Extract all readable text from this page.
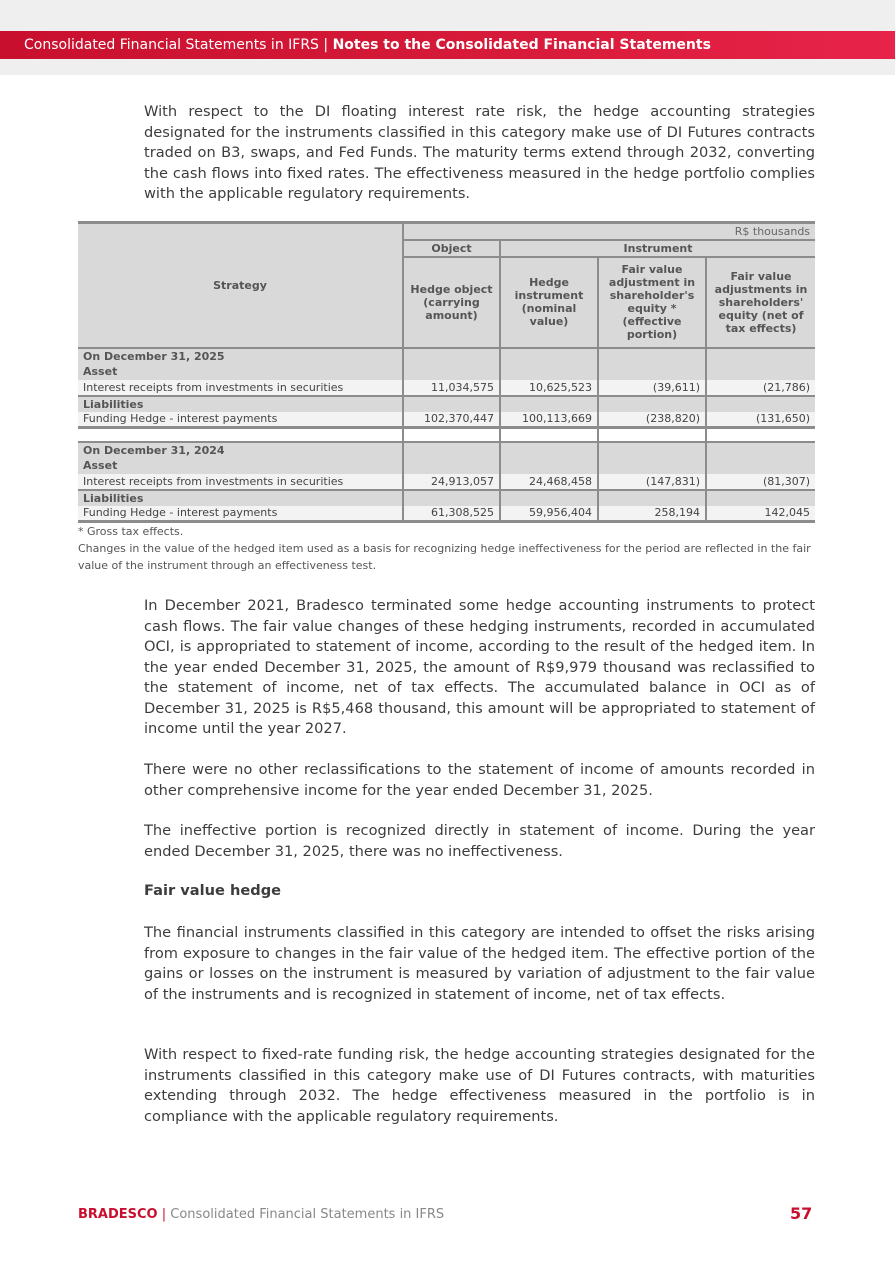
Consolidated Financial Statements in IFRS | Notes to the Consolidated Financial Statements

With respect to the DI floating interest rate risk, the hedge accounting strategies designated for the instruments classified in this category make use of DI Futures contracts traded on B3, swaps, and Fed Funds. The maturity terms extend through 2032, converting the cash flows into fixed rates. The effectiveness measured in the hedge portfolio complies with the applicable regulatory requirements.

Strategy	R$ thousands			
	Object	Instrument		
	Hedge object (carrying amount)	Hedge instrument (nominal value)	Fair value adjustment in shareholder's equity * (effective portion)	Fair value adjustments in shareholders' equity (net of tax effects)
On December 31, 2025				
Asset				
Interest receipts from investments in securities	11,034,575	10,625,523	(39,611)	(21,786)
Liabilities				
Funding Hedge - interest payments	102,370,447	100,113,669	(238,820)	(131,650)

On December 31, 2024				
Asset				
Interest receipts from investments in securities	24,913,057	24,468,458	(147,831)	(81,307)
Liabilities				
Funding Hedge - interest payments	61,308,525	59,956,404	258,194	142,045

* Gross tax effects.

Changes in the value of the hedged item used as a basis for recognizing hedge ineffectiveness for the period are reflected in the fair value of the instrument through an effectiveness test.

In December 2021, Bradesco terminated some hedge accounting instruments to protect cash flows. The fair value changes of these hedging instruments, recorded in accumulated OCI, is appropriated to statement of income, according to the result of the hedged item. In the year ended December 31, 2025, the amount of R$9,979 thousand was reclassified to the statement of income, net of tax effects. The accumulated balance in OCI as of December 31, 2025 is R$5,468 thousand, this amount will be appropriated to statement of income until the year 2027.

There were no other reclassifications to the statement of income of amounts recorded in other comprehensive income for the year ended December 31, 2025.

The ineffective portion is recognized directly in statement of income. During the year ended December 31, 2025, there was no ineffectiveness.

Fair value hedge

The financial instruments classified in this category are intended to offset the risks arising from exposure to changes in the fair value of the hedged item. The effective portion of the gains or losses on the instrument is measured by variation of adjustment to the fair value of the instruments and is recognized in statement of income, net of tax effects.

With respect to fixed-rate funding risk, the hedge accounting strategies designated for the instruments classified in this category make use of DI Futures contracts, with maturities extending through 2032. The hedge effectiveness measured in the portfolio is in compliance with the applicable regulatory requirements.

BRADESCO | Consolidated Financial Statements in IFRS	57
